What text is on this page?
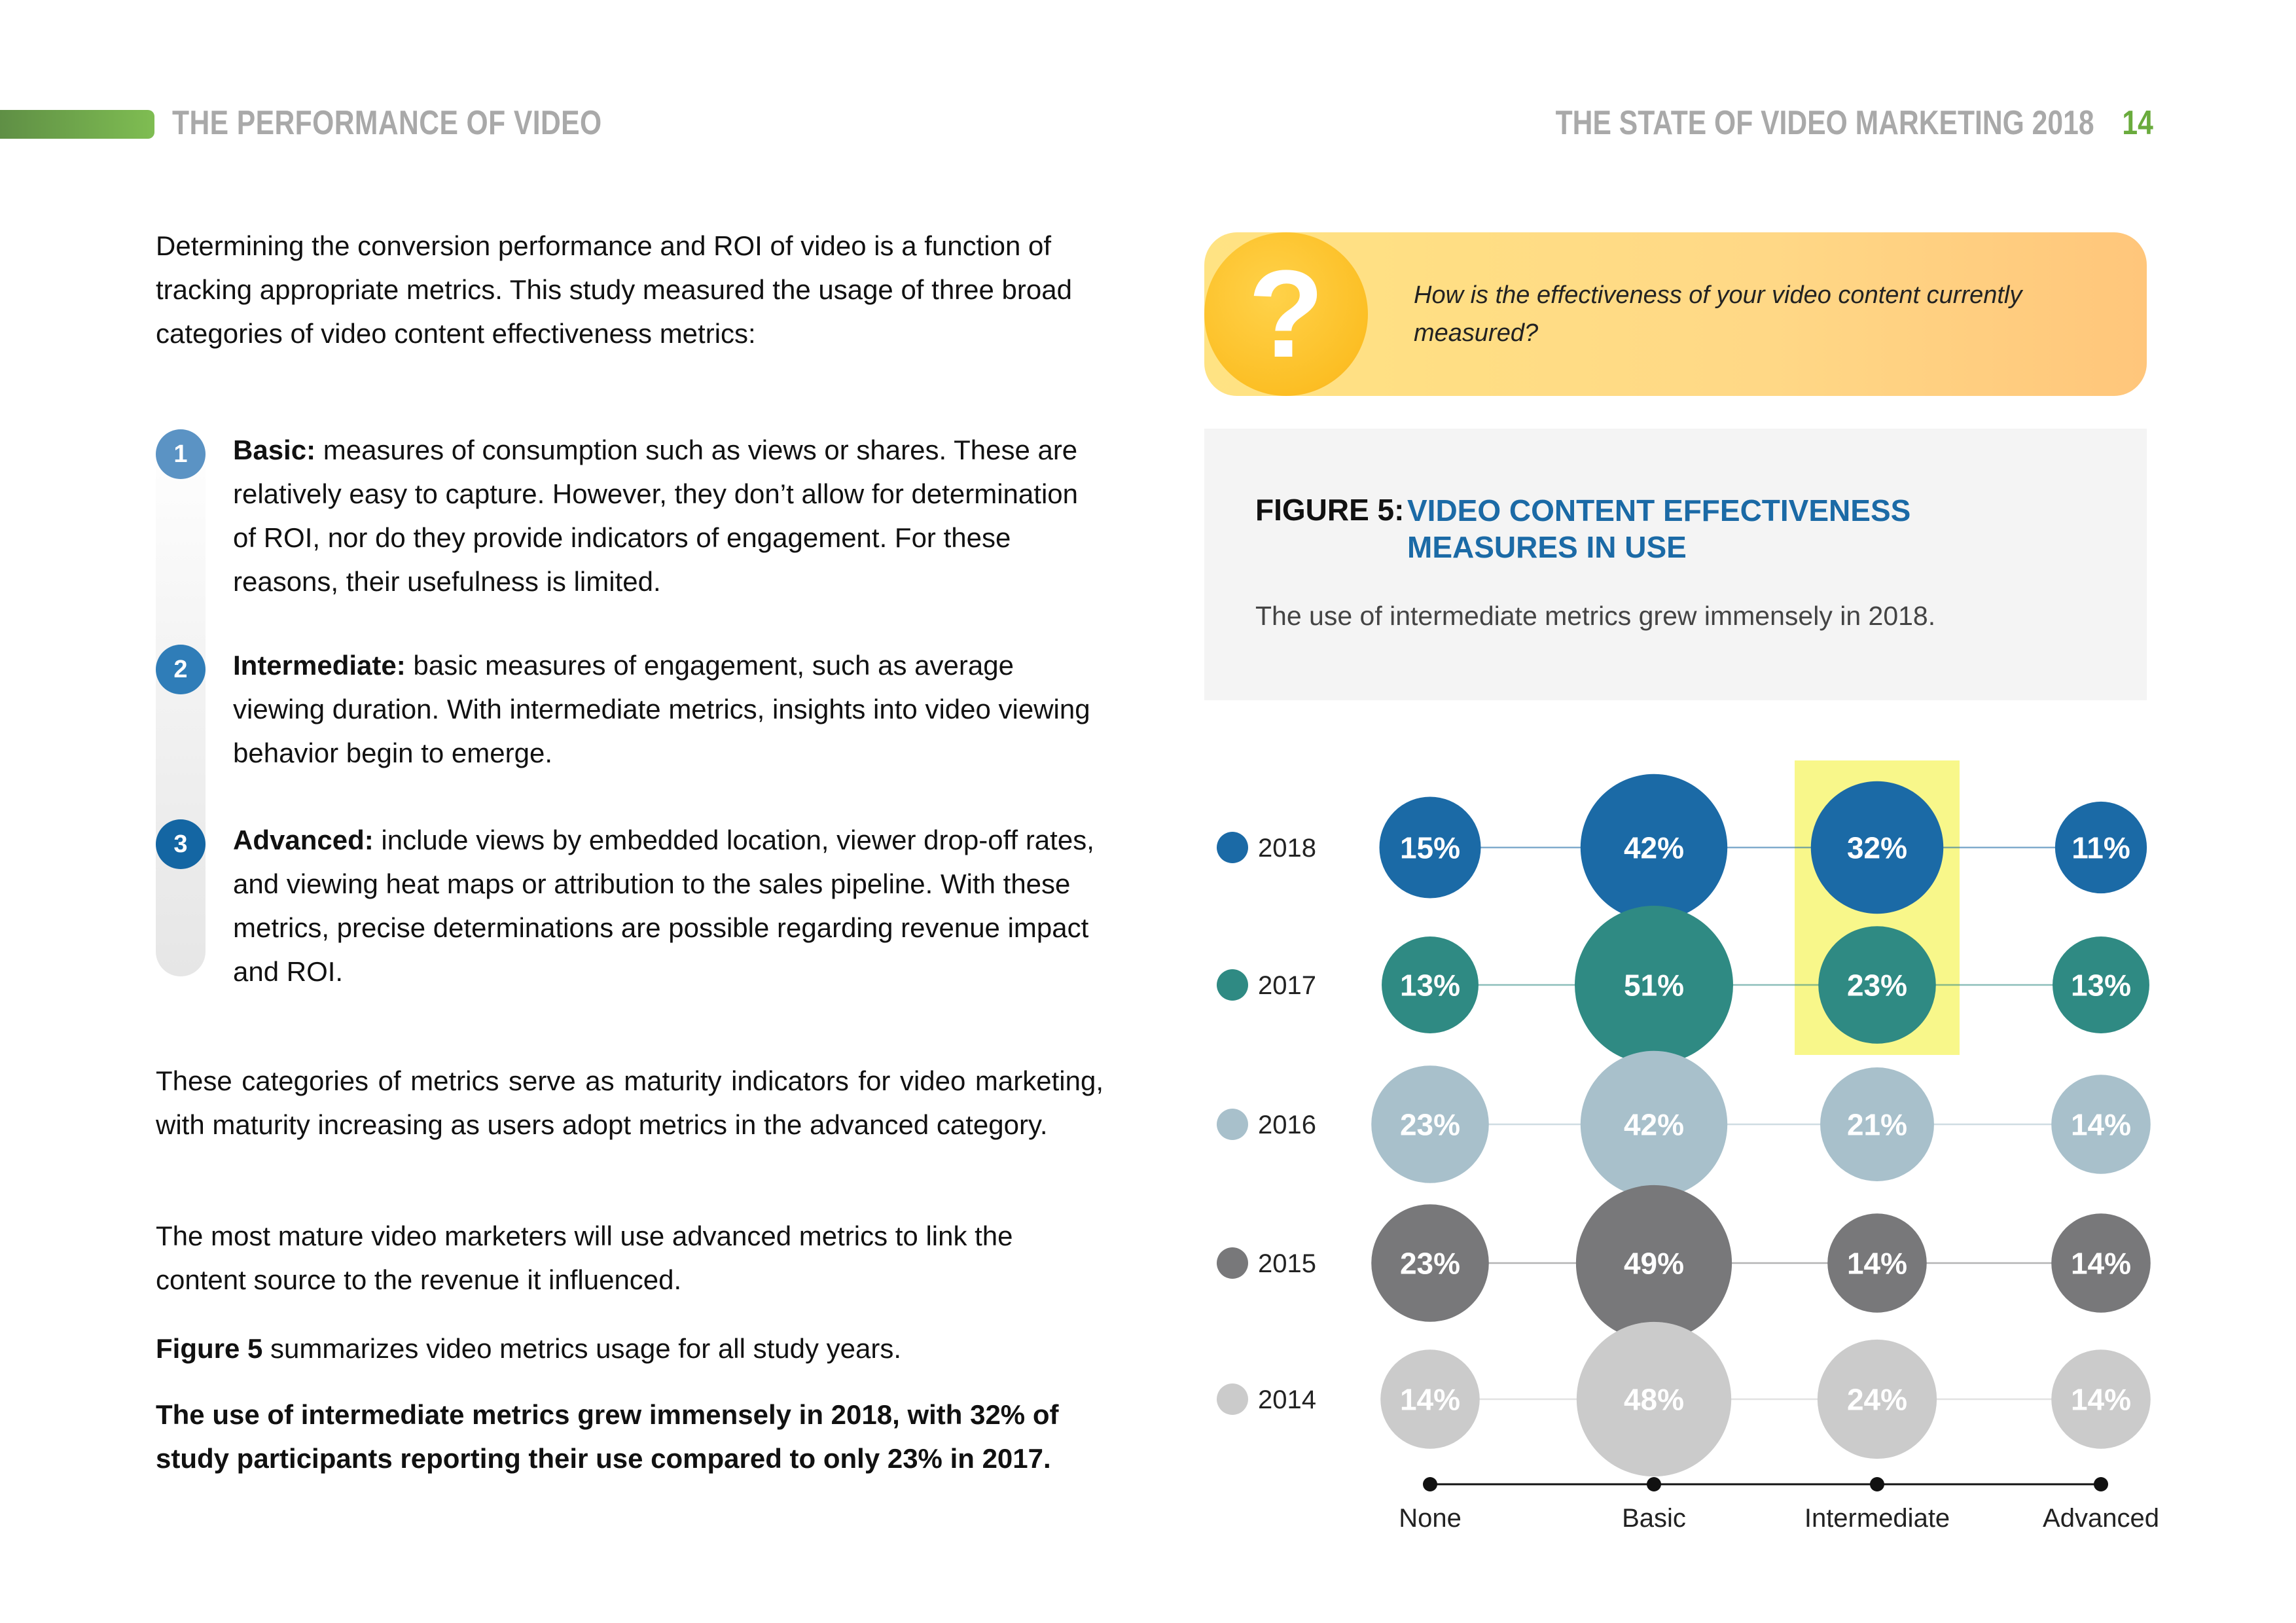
THE PERFORMANCE OF VIDEO	THE STATE OF VIDEO MARKETING 2018 14

Determining the conversion performance and ROI of video is a function of tracking appropriate metrics. This study measured the usage of three broad categories of video content effectiveness metrics:

1
2
3

Basic: measures of consumption such as views or shares. These are relatively easy to capture. However, they don’t allow for determination of ROI, nor do they provide indicators of engagement. For these reasons, their usefulness is limited.

Intermediate: basic measures of engagement, such as average viewing duration. With intermediate metrics, insights into video viewing behavior begin to emerge.

Advanced: include views by embedded location, viewer drop-off rates, and viewing heat maps or attribution to the sales pipeline. With these metrics, precise determinations are possible regarding revenue impact and ROI.

These categories of metrics serve as maturity indicators for video marketing, with maturity increasing as users adopt metrics in the advanced category.

The most mature video marketers will use advanced metrics to link the content source to the revenue it influenced.

Figure 5 summarizes video metrics usage for all study years.

The use of intermediate metrics grew immensely in 2018, with 32% of study participants reporting their use compared to only 23% in 2017.

?	How is the effectiveness of your video content currently measured?

FIGURE 5: VIDEO CONTENT EFFECTIVENESS
MEASURES IN USE

The use of intermediate metrics grew immensely in 2018.
2018	15%	42%	32%	11%
2017	13%	51%	23%	13%
2016	23%	42%	21%	14%
2015	23%	49%	14%	14%
2014	14%	48%	24%	14%
None	Basic	Intermediate	Advanced
